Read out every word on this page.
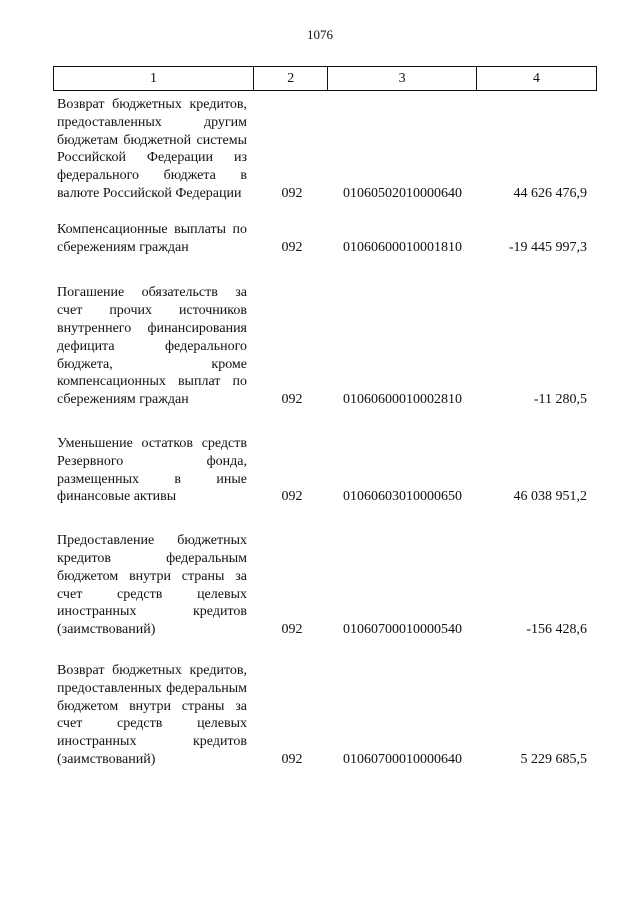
1076
1	2	3	4
Возврат бюджетных кредитов, предоставленных другим бюджетам бюджетной системы Российской Федерации из федерального бюджета в валюте Российской Федерации	092	01060502010000640	44 626 476,9
Компенсационные выплаты по сбережениям граждан	092	01060600010001810	-19 445 997,3
Погашение обязательств за счет прочих источников внутреннего финансирования дефицита федерального бюджета, кроме компенсационных выплат по сбережениям граждан	092	01060600010002810	-11 280,5
Уменьшение остатков средств Резервного фонда, размещенных в иные финансовые активы	092	01060603010000650	46 038 951,2
Предоставление бюджетных кредитов федеральным бюджетом внутри страны за счет средств целевых иностранных кредитов (заимствований)	092	01060700010000540	-156 428,6
Возврат бюджетных кредитов, предоставленных федеральным бюджетом внутри страны за счет средств целевых иностранных кредитов (заимствований)	092	01060700010000640	5 229 685,5
